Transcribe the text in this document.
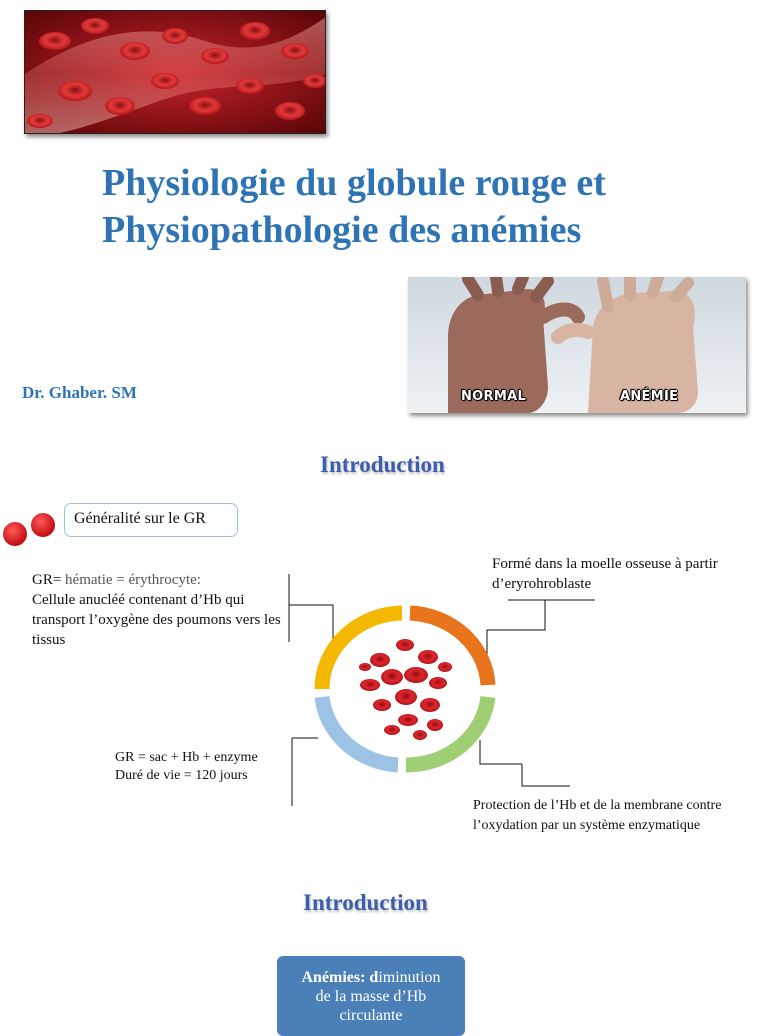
Physiologie du globule rouge et
Physiopathologie des anémies
NORMAL	ANÉMIE
Dr. Ghaber. SM
Introduction
Généralité sur le GR
GR= hématie = érythrocyte:
Cellule anucléé contenant d’Hb qui transport l’oxygène des poumons vers les tissus
Formé dans la moelle osseuse à partir d’eryrohroblaste
GR = sac + Hb + enzyme
Duré de vie = 120 jours
Protection de l’Hb et de la membrane contre l’oxydation par un système enzymatique
Introduction
Anémies: diminution
de la masse d’Hb
circulante
